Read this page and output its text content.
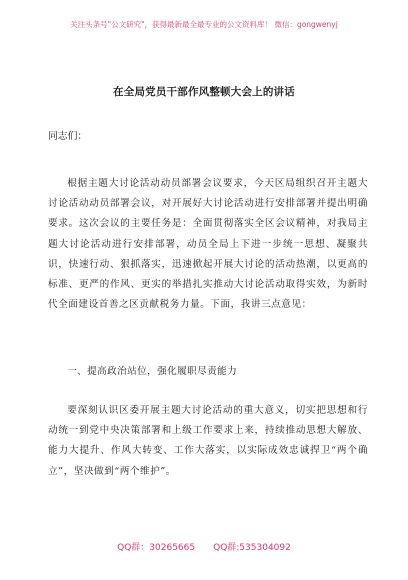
关注头条号"公文研究"，获得最新最全最专业的公文资料库！ 微信：gongwenyj
在全局党员干部作风整顿大会上的讲话
同志们：

根据主题大讨论活动动员部署会议要求，今天区局组织召开主题大讨论活动动员部署会议，对开展好大讨论活动进行安排部署并提出明确要求。这次会议的主要任务是：全面贯彻落实全区会议精神，对我局主题大讨论活动进行安排部署，动员全局上下进一步统一思想、凝聚共识，快速行动、狠抓落实，迅速掀起开展大讨论的活动热潮，以更高的标准、更严的作风、更实的举措扎实推动大讨论活动取得实效，为新时代全面建设首善之区贡献税务力量。下面，我讲三点意见：

一、提高政治站位，强化履职尽责能力

要深刻认识区委开展主题大讨论活动的重大意义，切实把思想和行动统一到党中央决策部署和上级工作要求上来，持续推动思想大解放、能力大提升、作风大转变、工作大落实，以实际成效忠诚捍卫“两个确立”，坚决做到“两个维护”。

QQ群：30265665 QQ群:535304092
